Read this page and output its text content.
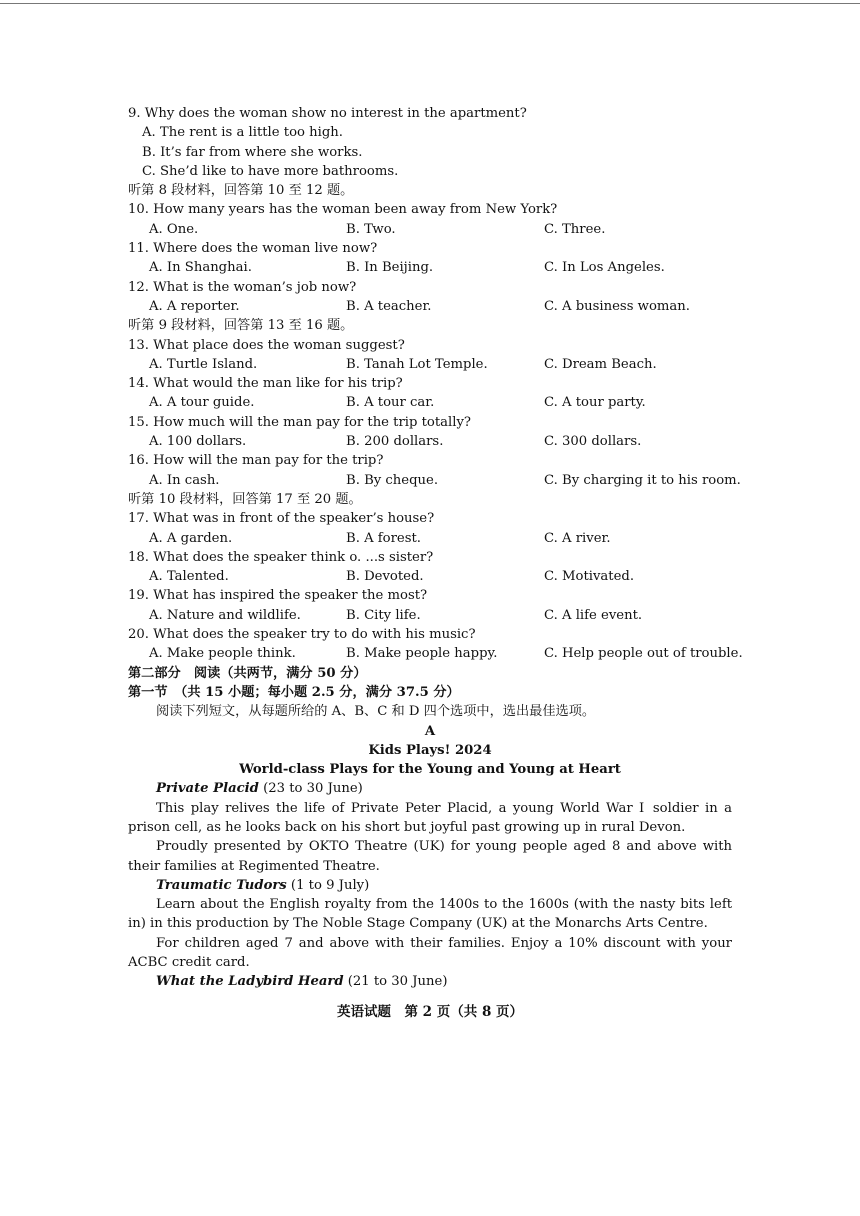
9. Why does the woman show no interest in the apartment?
A. The rent is a little too high.
B. It’s far from where she works.
C. She’d like to have more bathrooms.
听第 8 段材料，回答第 10 至 12 题。
10. How many years has the woman been away from New York?
A. One.	B. Two.	C. Three.
11. Where does the woman live now?
A. In Shanghai.	B. In Beijing.	C. In Los Angeles.
12. What is the woman’s job now?
A. A reporter.	B. A teacher.	C. A business woman.
听第 9 段材料，回答第 13 至 16 题。
13. What place does the woman suggest?
A. Turtle Island.	B. Tanah Lot Temple.	C. Dream Beach.
14. What would the man like for his trip?
A. A tour guide.	B. A tour car.	C. A tour party.
15. How much will the man pay for the trip totally?
A. 100 dollars.	B. 200 dollars.	C. 300 dollars.
16. How will the man pay for the trip?
A. In cash.	B. By cheque.	C. By charging it to his room.
听第 10 段材料，回答第 17 至 20 题。
17. What was in front of the speaker’s house?
A. A garden.	B. A forest.	C. A river.
18. What does the speaker think o. ...s sister?
A. Talented.	B. Devoted.	C. Motivated.
19. What has inspired the speaker the most?
A. Nature and wildlife.	B. City life.	C. A life event.
20. What does the speaker try to do with his music?
A. Make people think.	B. Make people happy.	C. Help people out of trouble.
第二部分　阅读（共两节，满分 50 分）
第一节　（共 15 小题；每小题 2.5 分，满分 37.5 分）
阅读下列短文，从每题所给的 A、B、C 和 D 四个选项中，选出最佳选项。
A
Kids Plays! 2024
World-class Plays for the Young and Young at Heart
Private Placid (23 to 30 June)

This play relives the life of Private Peter Placid, a young World War Ⅰ soldier in a prison cell, as he looks back on his short but joyful past growing up in rural Devon.

Proudly presented by OKTO Theatre (UK) for young people aged 8 and above with their families at Regimented Theatre.

Traumatic Tudors (1 to 9 July)

Learn about the English royalty from the 1400s to the 1600s (with the nasty bits left in) in this production by The Noble Stage Company (UK) at the Monarchs Arts Centre.

For children aged 7 and above with their families. Enjoy a 10% discount with your ACBC credit card.

What the Ladybird Heard (21 to 30 June)
英语试题　第 2 页（共 8 页）
